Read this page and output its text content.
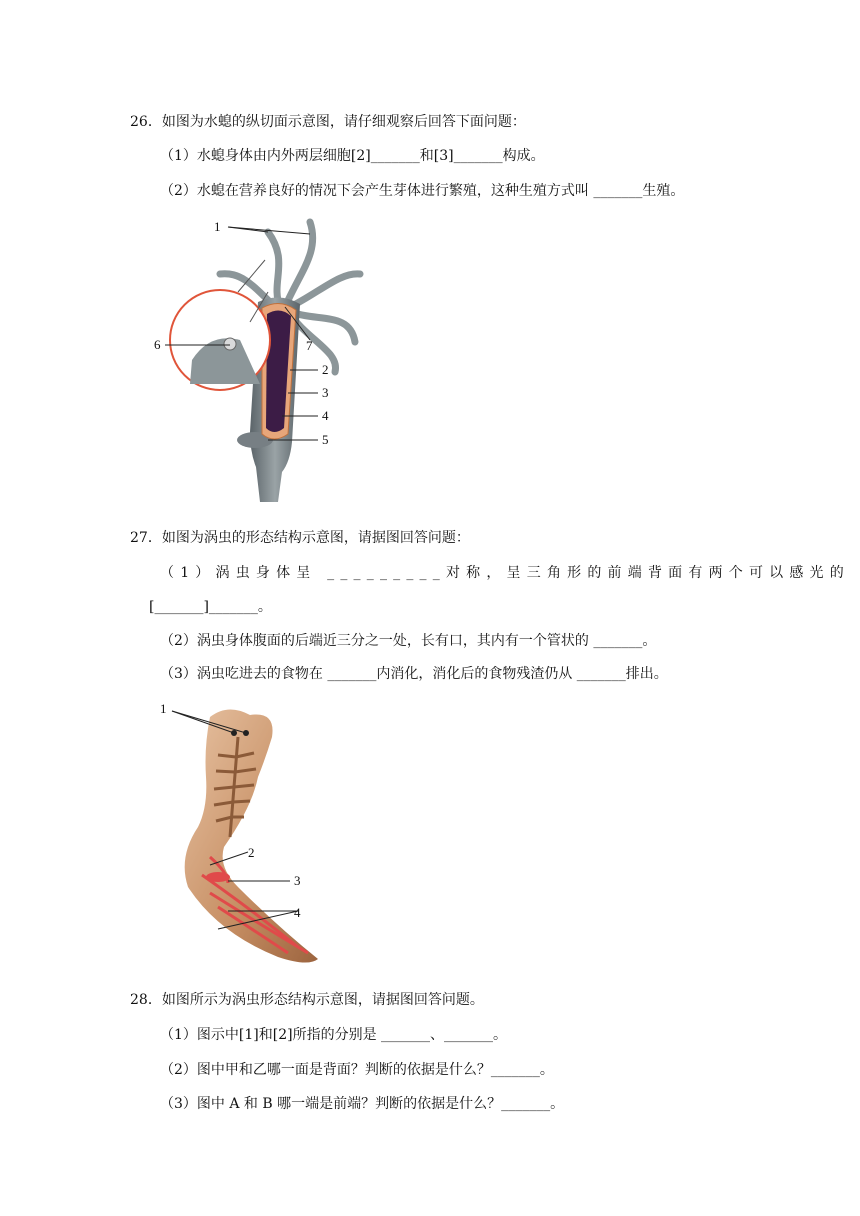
26．如图为水螅的纵切面示意图，请仔细观察后回答下面问题：
（1）水螅身体由内外两层细胞[2]_______和[3]_______构成。
（2）水螅在营养良好的情况下会产生芽体进行繁殖，这种生殖方式叫 _______生殖。
1
2
3
4
5
6	7
27．如图为涡虫的形态结构示意图，请据图回答问题：
（1）涡虫身体呈 _________对称，呈三角形的前端背面有两个可以感光的
[_______]_______。
（2）涡虫身体腹面的后端近三分之一处，长有口，其内有一个管状的 _______。
（3）涡虫吃进去的食物在 _______内消化，消化后的食物残渣仍从 _______排出。
1
2
3
4
28．如图所示为涡虫形态结构示意图，请据图回答问题。
（1）图示中[1]和[2]所指的分别是 _______、_______。
（2）图中甲和乙哪一面是背面？判断的依据是什么？_______。
（3）图中 A 和 B 哪一端是前端？判断的依据是什么？_______。
